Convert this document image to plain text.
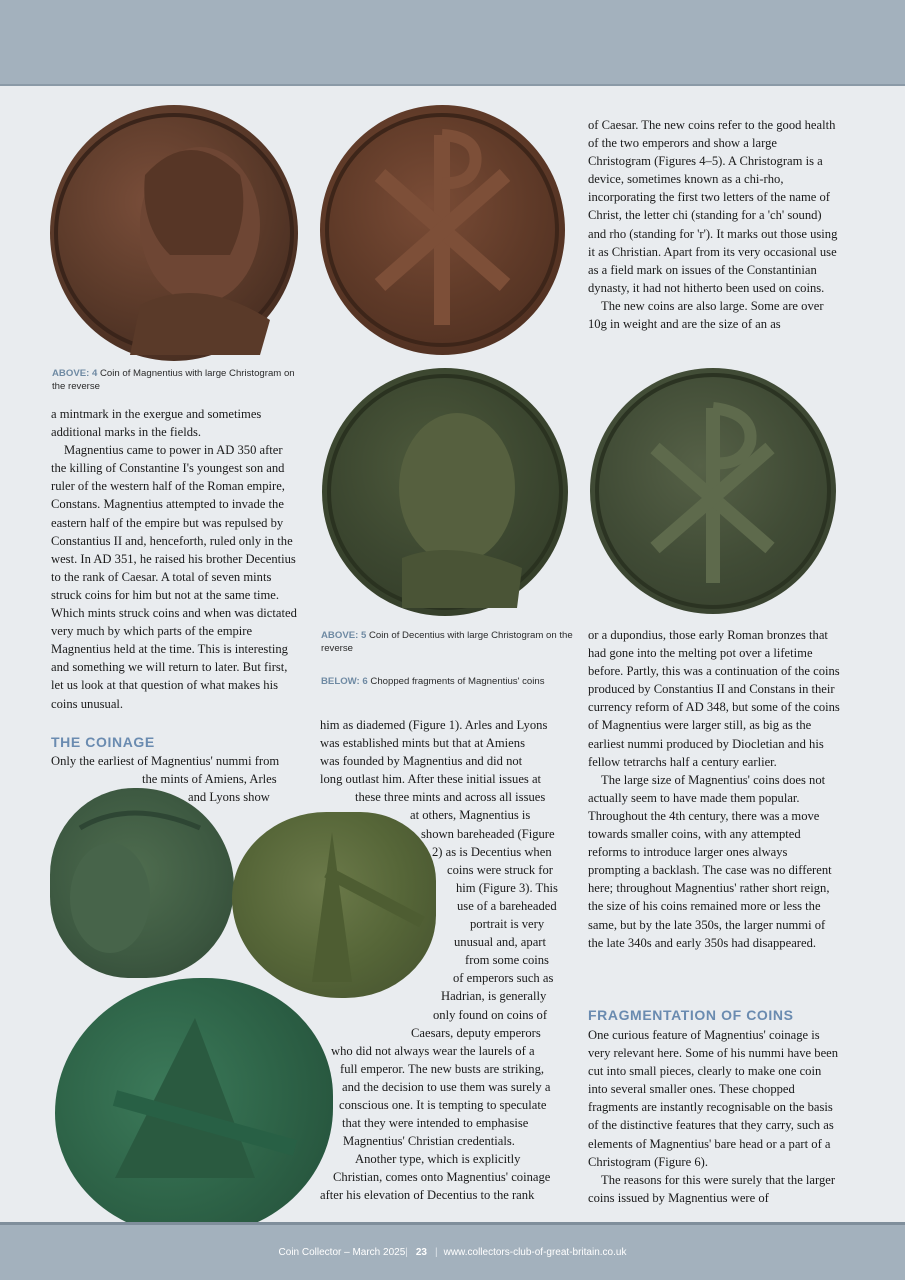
ABOVE: 4 Coin of Magnentius with large Christogram on the reverse
ABOVE: 5 Coin of Decentius with large Christogram on the reverse
BELOW: 6 Chopped fragments of Magnentius' coins

a mintmark in the exergue and sometimes additional marks in the fields.

Magnentius came to power in AD 350 after the killing of Constantine I's youngest son and ruler of the western half of the Roman empire, Constans. Magnentius attempted to invade the eastern half of the empire but was repulsed by Constantius II and, henceforth, ruled only in the west. In AD 351, he raised his brother Decentius to the rank of Caesar. A total of seven mints struck coins for him but not at the same time. Which mints struck coins and when was dictated very much by which parts of the empire Magnentius held at the time. This is interesting and something we will return to later. But first, let us look at that question of what makes his coins unusual.

THE COINAGE

Only the earliest of Magnentius' nummi from

the mints of Amiens, Arles

and Lyons show

him as diademed (Figure 1). Arles and Lyons

was established mints but that at Amiens

was founded by Magnentius and did not

long outlast him. After these initial issues at

these three mints and across all issues

at others, Magnentius is

shown bareheaded (Figure

2) as is Decentius when

coins were struck for

him (Figure 3). This

use of a bareheaded

portrait is very

unusual and, apart

from some coins

of emperors such as

Hadrian, is generally

only found on coins of

Caesars, deputy emperors

who did not always wear the laurels of a

full emperor. The new busts are striking,

and the decision to use them was surely a

conscious one. It is tempting to speculate

that they were intended to emphasise

Magnentius' Christian credentials.

Another type, which is explicitly

Christian, comes onto Magnentius' coinage

after his elevation of Decentius to the rank

of Caesar. The new coins refer to the good health of the two emperors and show a large Christogram (Figures 4–5). A Christogram is a device, sometimes known as a chi-rho, incorporating the first two letters of the name of Christ, the letter chi (standing for a 'ch' sound) and rho (standing for 'r'). It marks out those using it as Christian. Apart from its very occasional use as a field mark on issues of the Constantinian dynasty, it had not hitherto been used on coins.

The new coins are also large. Some are over 10g in weight and are the size of an as

or a dupondius, those early Roman bronzes that had gone into the melting pot over a lifetime before. Partly, this was a continuation of the coins produced by Constantius II and Constans in their currency reform of AD 348, but some of the coins of Magnentius were larger still, as big as the earliest nummi produced by Diocletian and his fellow tetrarchs half a century earlier.

The large size of Magnentius' coins does not actually seem to have made them popular. Throughout the 4th century, there was a move towards smaller coins, with any attempted reforms to introduce larger ones always prompting a backlash. The case was no different here; throughout Magnentius' rather short reign, the size of his coins remained more or less the same, but by the late 350s, the larger nummi of the late 340s and early 350s had disappeared.

FRAGMENTATION OF COINS

One curious feature of Magnentius' coinage is very relevant here. Some of his nummi have been cut into small pieces, clearly to make one coin into several smaller ones. These chopped fragments are instantly recognisable on the basis of the distinctive features that they carry, such as elements of Magnentius' bare head or a part of a Christogram (Figure 6).

The reasons for this were surely that the larger coins issued by Magnentius were of

Coin Collector – March 2025 | 23 | www.collectors-club-of-great-britain.co.uk
